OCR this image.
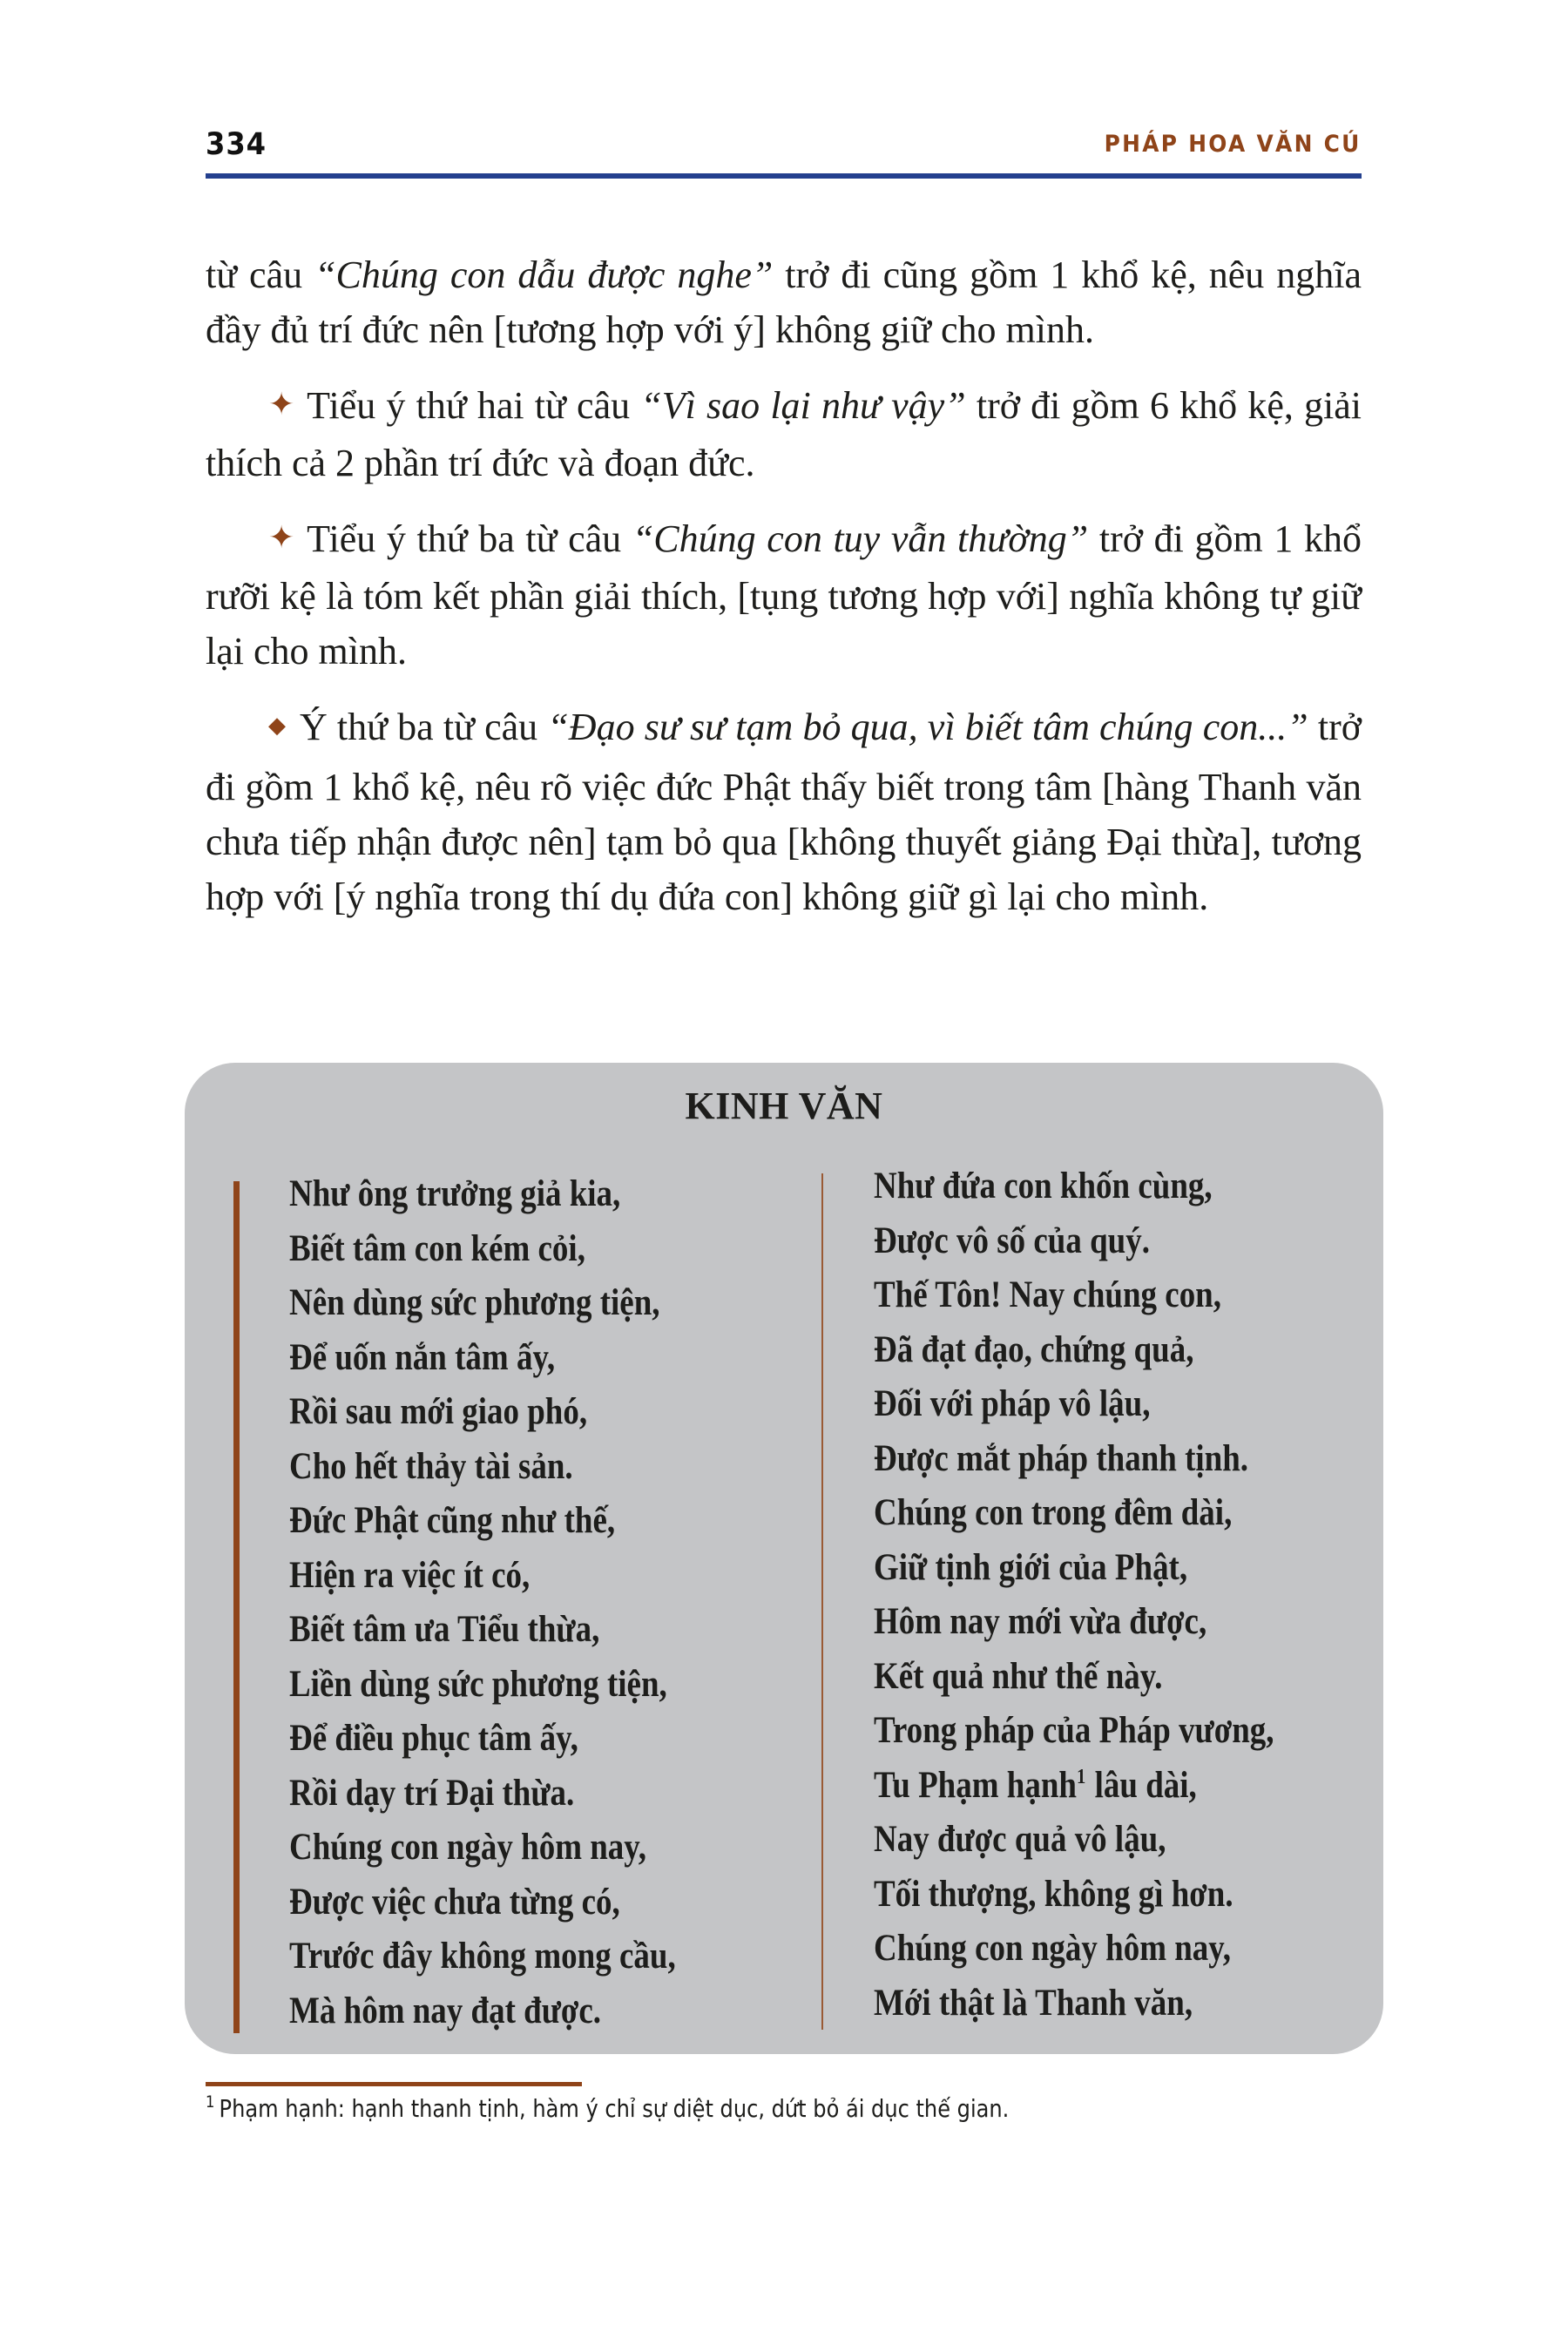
334	PHÁP HOA VĂN CÚ

từ câu “Chúng con dẫu được nghe” trở đi cũng gồm 1 khổ kệ, nêu nghĩa đầy đủ trí đức nên [tương hợp với ý] không giữ cho mình.

✦ Tiểu ý thứ hai từ câu “Vì sao lại như vậy” trở đi gồm 6 khổ kệ, giải thích cả 2 phần trí đức và đoạn đức.

✦ Tiểu ý thứ ba từ câu “Chúng con tuy vẫn thường” trở đi gồm 1 khổ rưỡi kệ là tóm kết phần giải thích, [tụng tương hợp với] nghĩa không tự giữ lại cho mình.

◆ Ý thứ ba từ câu “Đạo sư sư tạm bỏ qua, vì biết tâm chúng con...” trở đi gồm 1 khổ kệ, nêu rõ việc đức Phật thấy biết trong tâm [hàng Thanh văn chưa tiếp nhận được nên] tạm bỏ qua [không thuyết giảng Đại thừa], tương hợp với [ý nghĩa trong thí dụ đứa con] không giữ gì lại cho mình.

KINH VĂN
Như ông trưởng giả kia,
Biết tâm con kém cỏi,
Nên dùng sức phương tiện,
Để uốn nắn tâm ấy,
Rồi sau mới giao phó,
Cho hết thảy tài sản.
Đức Phật cũng như thế,
Hiện ra việc ít có,
Biết tâm ưa Tiểu thừa,
Liền dùng sức phương tiện,
Để điều phục tâm ấy,
Rồi dạy trí Đại thừa.
Chúng con ngày hôm nay,
Được việc chưa từng có,
Trước đây không mong cầu,
Mà hôm nay đạt được.
Như đứa con khốn cùng,
Được vô số của quý.
Thế Tôn! Nay chúng con,
Đã đạt đạo, chứng quả,
Đối với pháp vô lậu,
Được mắt pháp thanh tịnh.
Chúng con trong đêm dài,
Giữ tịnh giới của Phật,
Hôm nay mới vừa được,
Kết quả như thế này.
Trong pháp của Pháp vương,
Tu Phạm hạnh$^1$ lâu dài,
Nay được quả vô lậu,
Tối thượng, không gì hơn.
Chúng con ngày hôm nay,
Mới thật là Thanh văn,
$^1$ Phạm hạnh: hạnh thanh tịnh, hàm ý chỉ sự diệt dục, dứt bỏ ái dục thế gian.
